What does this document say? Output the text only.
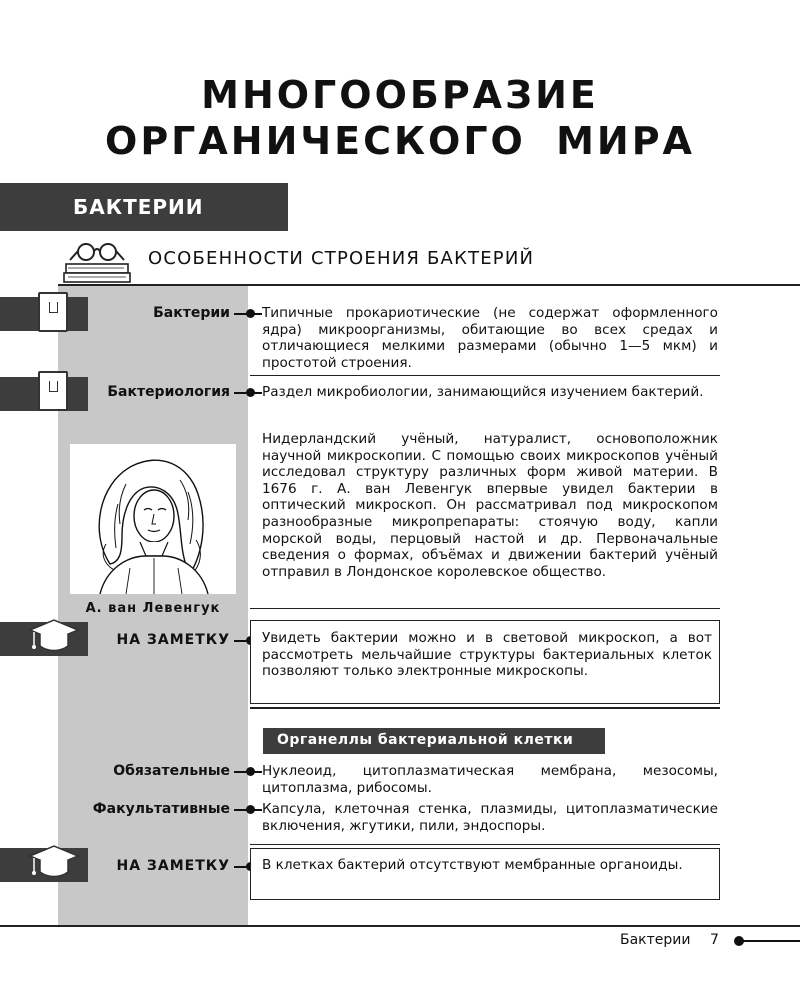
МНОГООБРАЗИЕ
ОРГАНИЧЕСКОГО МИРА
БАКТЕРИИ
ОСОБЕННОСТИ СТРОЕНИЯ БАКТЕРИЙ
Бактерии Типичные прокариотические (не содержат оформленного ядра) микроорганизмы, обитающие во всех средах и отличающиеся мелкими размерами (обычно 1—5 мкм) и простотой строения.
Бактериология Раздел микробиологии, занимающийся изучением бактерий.
Нидерландский учёный, натуралист, основоположник научной микроскопии. С помощью своих микроскопов учёный исследовал структуру различных форм живой материи. В 1676 г. А. ван Левенгук впервые увидел бактерии в оптический микроскоп. Он рассматривал под микроскопом разнообразные микропрепараты: стоячую воду, капли морской воды, перцовый настой и др. Первоначальные сведения о формах, объёмах и движении бактерий учёный отправил в Лондонское королевское общество.
А. ван Левенгук
НА ЗАМЕТКУ Увидеть бактерии можно и в световой микроскоп, а вот рассмотреть мельчайшие структуры бактериальных клеток позволяют только электронные микроскопы.
Органеллы бактериальной клетки
Обязательные Нуклеоид, цитоплазматическая мембрана, мезосомы, цитоплазма, рибосомы.
Факультативные Капсула, клеточная стенка, плазмиды, цитоплазматические включения, жгутики, пили, эндоспоры.
НА ЗАМЕТКУ В клетках бактерий отсутствуют мембранные органоиды.
Бактерии 7
